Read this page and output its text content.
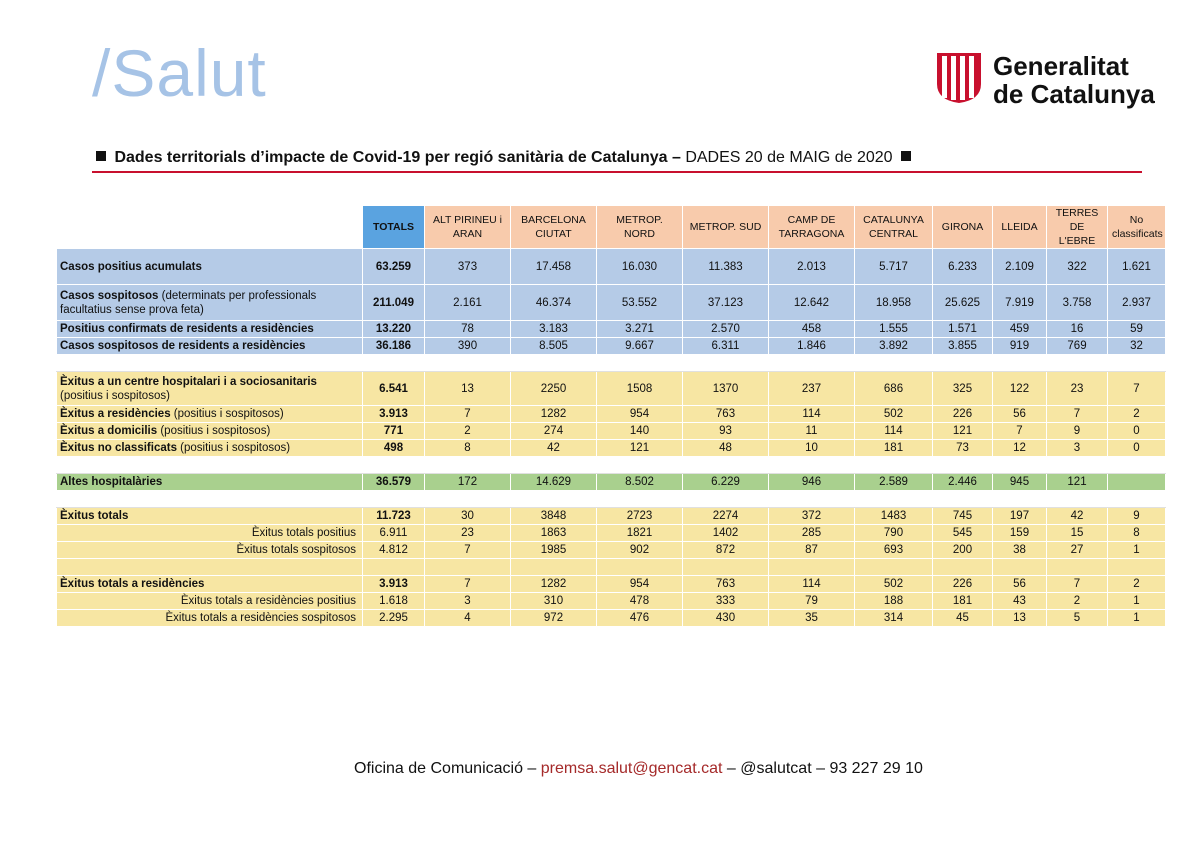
/Salut	Generalitat
de Catalunya
Dades territorials d’impacte de Covid-19 per regió sanitària de Catalunya – DADES 20 de MAIG de 2020
	TOTALS	ALT PIRINEU i ARAN	BARCELONA CIUTAT	METROP. NORD	METROP. SUD	CAMP DE TARRAGONA	CATALUNYA CENTRAL	GIRONA	LLEIDA	TERRES DE L'EBRE	No classificats
Casos positius acumulats	63.259	373	17.458	16.030	11.383	2.013	5.717	6.233	2.109	322	1.621
Casos sospitosos (determinats per professionals facultatius sense prova feta)	211.049	2.161	46.374	53.552	37.123	12.642	18.958	25.625	7.919	3.758	2.937
Positius confirmats de residents a residències	13.220	78	3.183	3.271	2.570	458	1.555	1.571	459	16	59
Casos sospitosos de residents a residències	36.186	390	8.505	9.667	6.311	1.846	3.892	3.855	919	769	32

Èxitus a un centre hospitalari i a sociosanitaris (positius i sospitosos)	6.541	13	2250	1508	1370	237	686	325	122	23	7
Èxitus a residències (positius i sospitosos)	3.913	7	1282	954	763	114	502	226	56	7	2
Èxitus a domicilis (positius i sospitosos)	771	2	274	140	93	11	114	121	7	9	0
Èxitus no classificats (positius i sospitosos)	498	8	42	121	48	10	181	73	12	3	0

Altes hospitalàries	36.579	172	14.629	8.502	6.229	946	2.589	2.446	945	121	

Èxitus totals	11.723	30	3848	2723	2274	372	1483	745	197	42	9
Èxitus totals positius	6.911	23	1863	1821	1402	285	790	545	159	15	8
Èxitus totals sospitosos	4.812	7	1985	902	872	87	693	200	38	27	1

Èxitus totals a residències	3.913	7	1282	954	763	114	502	226	56	7	2
Èxitus totals a residències positius	1.618	3	310	478	333	79	188	181	43	2	1
Èxitus totals a residències sospitosos	2.295	4	972	476	430	35	314	45	13	5	1
Oficina de Comunicació – premsa.salut@gencat.cat – @salutcat – 93 227 29 10
